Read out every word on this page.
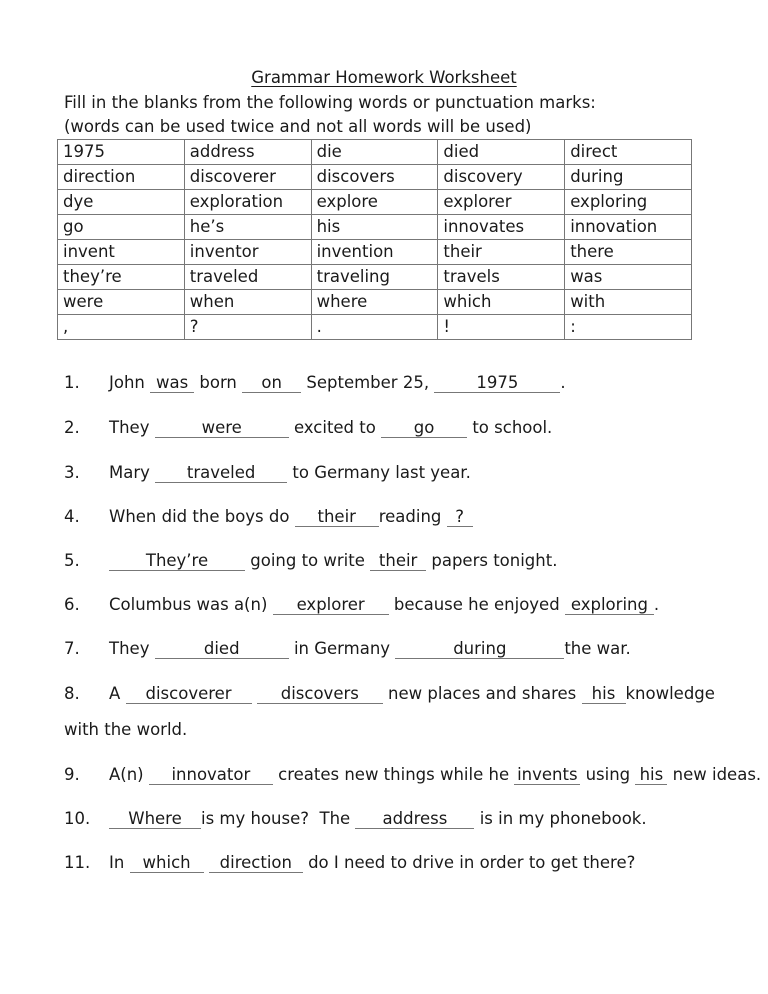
Grammar Homework Worksheet
Fill in the blanks from the following words or punctuation marks:
(words can be used twice and not all words will be used)
1975	address	die	died	direct
direction	discoverer	discovers	discovery	during
dye	exploration	explore	explorer	exploring
go	he’s	his	innovates	innovation
invent	inventor	invention	their	there
they’re	traveled	traveling	travels	was
were	when	where	which	with
,	?	.	!	:
1. John was born on September 25,	1975	.
2. They	were	excited to go to school.
3. Mary traveled to Germany last year.
4. When did the boys do their reading ?
5.	They’re going to write their papers tonight.
6. Columbus was a(n) explorer because he enjoyed exploring .
7. They	died	in Germany	during	the war.
8. A discoverer	discovers new places and shares his knowledge
with the world.
9. A(n) innovator creates new things while he invents using his new ideas.
10.	Where is my house?  The address is in my phonebook.
11. In which direction do I need to drive in order to get there?
